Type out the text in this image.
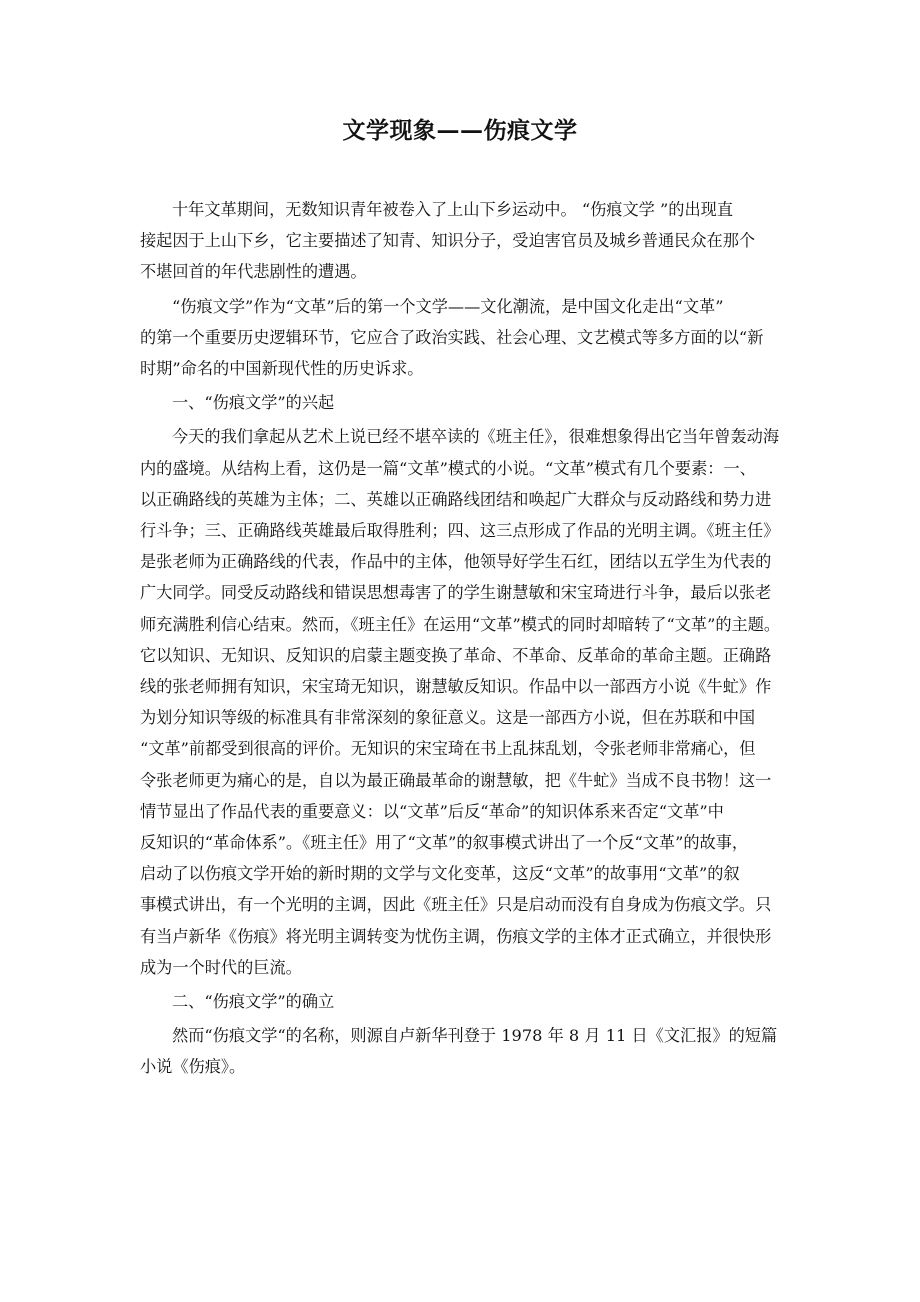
文学现象——伤痕文学

十年文革期间，无数知识青年被卷入了上山下乡运动中。 “伤痕文学 ”的出现直
接起因于上山下乡，它主要描述了知青、知识分子，受迫害官员及城乡普通民众在那个
不堪回首的年代悲剧性的遭遇。

“伤痕文学”作为“文革”后的第一个文学——文化潮流，是中国文化走出“文革”
的第一个重要历史逻辑环节，它应合了政治实践、社会心理、文艺模式等多方面的以“新
时期”命名的中国新现代性的历史诉求。

一、“伤痕文学”的兴起

今天的我们拿起从艺术上说已经不堪卒读的《班主任》，很难想象得出它当年曾轰动海
内的盛境。从结构上看，这仍是一篇“文革”模式的小说。“文革”模式有几个要素：一、
以正确路线的英雄为主体；二、英雄以正确路线团结和唤起广大群众与反动路线和势力进
行斗争；三、正确路线英雄最后取得胜利；四、这三点形成了作品的光明主调。《班主任》
是张老师为正确路线的代表，作品中的主体，他领导好学生石红，团结以五学生为代表的
广大同学。同受反动路线和错误思想毒害了的学生谢慧敏和宋宝琦进行斗争，最后以张老
师充满胜利信心结束。然而，《班主任》在运用“文革”模式的同时却暗转了“文革”的主题。
它以知识、无知识、反知识的启蒙主题变换了革命、不革命、反革命的革命主题。正确路
线的张老师拥有知识，宋宝琦无知识，谢慧敏反知识。作品中以一部西方小说《牛虻》作
为划分知识等级的标准具有非常深刻的象征意义。这是一部西方小说，但在苏联和中国
“文革”前都受到很高的评价。无知识的宋宝琦在书上乱抹乱划，令张老师非常痛心，但
令张老师更为痛心的是，自以为最正确最革命的谢慧敏，把《牛虻》当成不良书物！这一
情节显出了作品代表的重要意义：以“文革”后反“革命”的知识体系来否定“文革”中
反知识的“革命体系”。《班主任》用了“文革”的叙事模式讲出了一个反“文革”的故事，
启动了以伤痕文学开始的新时期的文学与文化变革，这反“文革”的故事用“文革”的叙
事模式讲出，有一个光明的主调，因此《班主任》只是启动而没有自身成为伤痕文学。只
有当卢新华《伤痕》将光明主调转变为忧伤主调，伤痕文学的主体才正式确立，并很快形
成为一个时代的巨流。

二、“伤痕文学”的确立

然而“伤痕文学“的名称，则源自卢新华刊登于 1978 年 8 月 11 日《文汇报》的短篇
小说《伤痕》。
